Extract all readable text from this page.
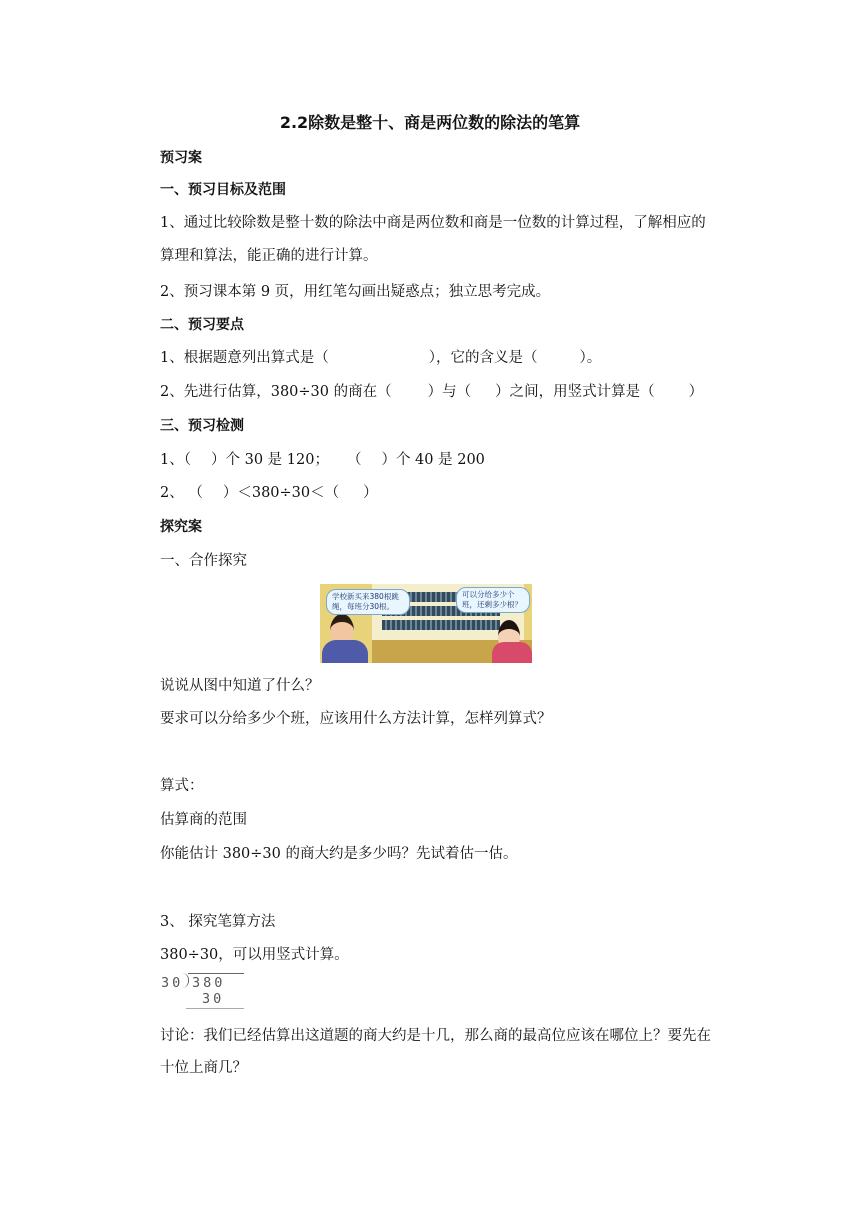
2.2除数是整十、商是两位数的除法的笔算
预习案
一、预习目标及范围
1、通过比较除数是整十数的除法中商是两位数和商是一位数的计算过程，了解相应的
算理和算法，能正确的进行计算。
2、预习课本第 9 页，用红笔勾画出疑惑点；独立思考完成。
二、预习要点
1、根据题意列出算式是（	），它的含义是（	）。
2、先进行估算，380÷30 的商在（ ）与（ ）之间，用竖式计算是（ ）
三、预习检测
1、（ ）个 30 是 120； （ ）个 40 是 200
2、 （ ）＜380÷30＜（ ）
探究案
一、合作探究
学校新买来380根跳绳，每班分30根。
可以分给多少个班，还剩多少根？
说说从图中知道了什么？
要求可以分给多少个班，应该用什么方法计算，怎样列算式？
算式：
估算商的范围
你能估计 380÷30 的商大约是多少吗？先试着估一估。
3、 探究笔算方法
380÷30，可以用竖式计算。
30 380
30
讨论：我们已经估算出这道题的商大约是十几，那么商的最高位应该在哪位上？要先在
十位上商几？
